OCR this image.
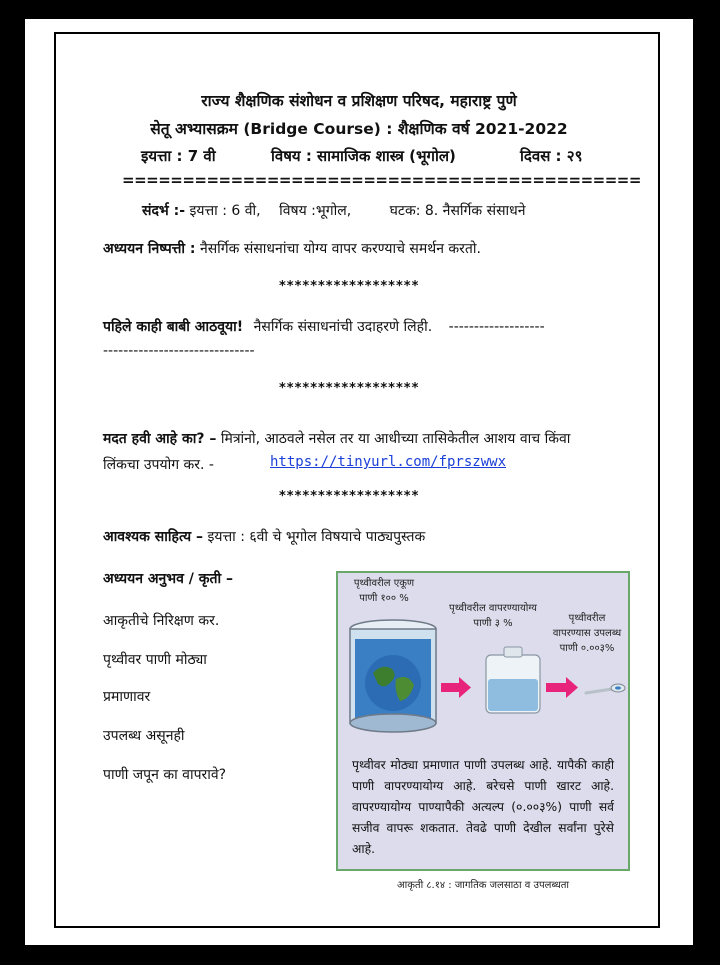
राज्य शैक्षणिक संशोधन व प्रशिक्षण परिषद, महाराष्ट्र पुणे
सेतू अभ्यासक्रम (Bridge Course) : शैक्षणिक वर्ष 2021-2022
इयत्ता : 7 वी	विषय : सामाजिक शास्त्र (भूगोल)	दिवस : २९
===========================================
संदर्भ :- इयत्ता : 6 वी, विषय :भूगोल,	घटक: 8. नैसर्गिक संसाधने
अध्ययन निष्पत्ती : नैसर्गिक संसाधनांचा योग्य वापर करण्याचे समर्थन करतो.
******************
पहिले काही बाबी आठवूया! नैसर्गिक संसाधनांची उदाहरणे लिही. -------------------
------------------------------
******************
मदत हवी आहे का? – मित्रांनो, आठवले नसेल तर या आधीच्या तासिकेतील आशय वाच किंवा
लिंकचा उपयोग कर. -	https://tinyurl.com/fprszwwx
******************
आवश्यक साहित्य – इयत्ता : ६वी चे भूगोल विषयाचे पाठ्यपुस्तक
अध्ययन अनुभव / कृती –
आकृतीचे निरिक्षण कर.
पृथ्वीवर पाणी मोठ्या
प्रमाणावर
उपलब्ध असूनही
पाणी जपून का वापरावे?
पृथ्वीवरील एकूण
पाणी १०० %
पृथ्वीवरील वापरण्यायोग्य
पाणी ३ %	पृथ्वीवरील
वापरण्यास उपलब्ध
पाणी ०.००३%
पृथ्वीवर मोठ्या प्रमाणात पाणी उपलब्ध आहे. यापैकी काही पाणी वापरण्यायोग्य आहे. बरेचसे पाणी खारट आहे. वापरण्यायोग्य पाण्यापैकी अत्यल्प (०.००३%) पाणी सर्व सजीव वापरू शकतात. तेवढे पाणी देखील सर्वांना पुरेसे आहे.
आकृती ८.१४ : जागतिक जलसाठा व उपलब्धता
